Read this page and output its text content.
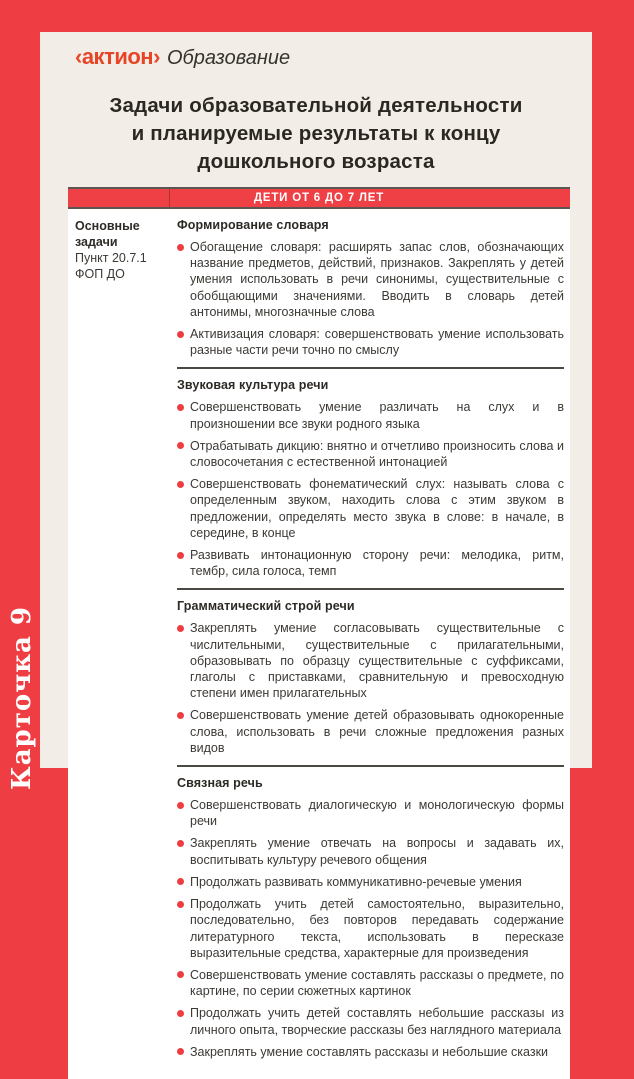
Карточка 9
‹актион› Образование
Задачи образовательной деятельности
и планируемые результаты к концу
дошкольного возраста
ДЕТИ ОТ 6 ДО 7 ЛЕТ
Основные задачи
Пункт 20.7.1
ФОП ДО
Формирование словаря
Обогащение словаря: расширять запас слов, обозначающих название предметов, действий, признаков. Закреплять у детей умения использовать в речи синонимы, существительные с обобщающими значениями. Вводить в словарь детей антонимы, многозначные слова
Активизация словаря: совершенствовать умение использовать разные части речи точно по смыслу
Звуковая культура речи
Совершенствовать умение различать на слух и в произношении все звуки родного языка
Отрабатывать дикцию: внятно и отчетливо произносить слова и словосочетания с естественной интонацией
Совершенствовать фонематический слух: называть слова с определенным звуком, находить слова с этим звуком в предложении, определять место звука в слове: в начале, в середине, в конце
Развивать интонационную сторону речи: мелодика, ритм, тембр, сила голоса, темп
Грамматический строй речи
Закреплять умение согласовывать существительные с числительными, существительные с прилагательными, образовывать по образцу существительные с суффиксами, глаголы с приставками, сравнительную и превосходную степени имен прилагательных
Совершенствовать умение детей образовывать однокоренные слова, использовать в речи сложные предложения разных видов
Связная речь
Совершенствовать диалогическую и монологическую формы речи
Закреплять умение отвечать на вопросы и задавать их, воспитывать культуру речевого общения
Продолжать развивать коммуникативно-речевые умения
Продолжать учить детей самостоятельно, выразительно, последовательно, без повторов передавать содержание литературного текста, использовать в пересказе выразительные средства, характерные для произведения
Совершенствовать умение составлять рассказы о предмете, по картине, по серии сюжетных картинок
Продолжать учить детей составлять небольшие рассказы из личного опыта, творческие рассказы без наглядного материала
Закреплять умение составлять рассказы и небольшие сказки
